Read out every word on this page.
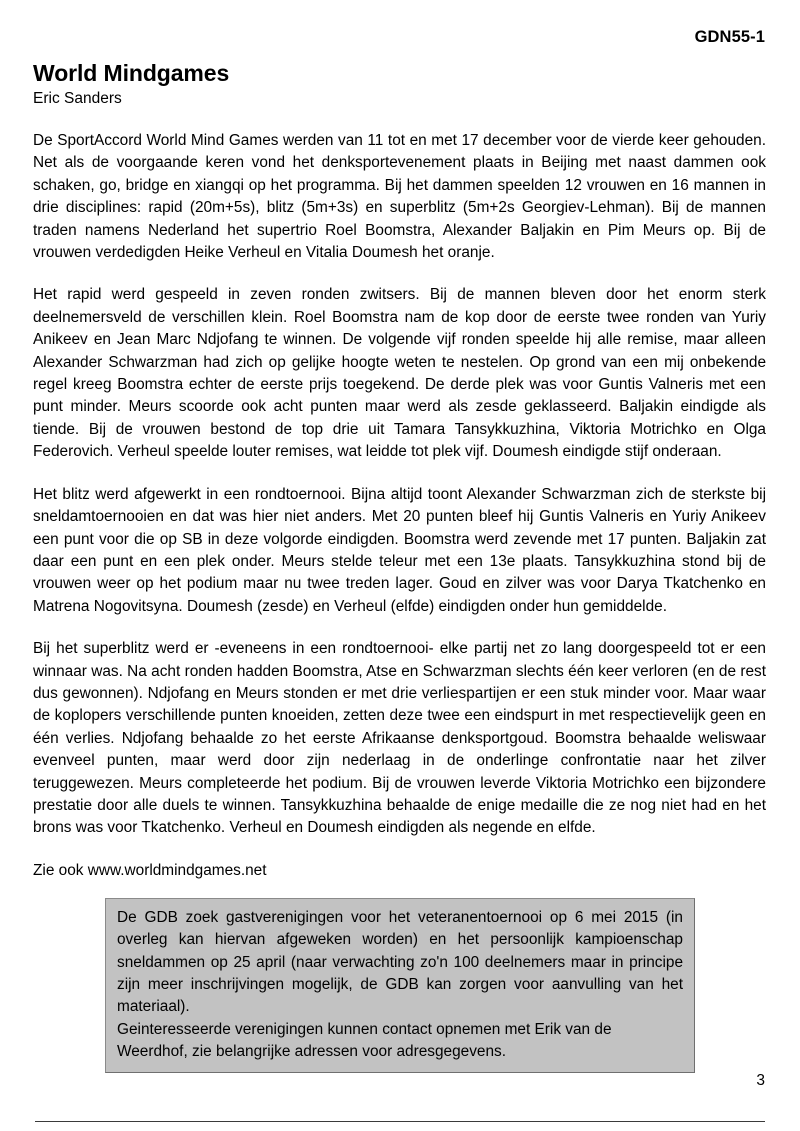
GDN55-1
World Mindgames

Eric Sanders

De SportAccord World Mind Games werden van 11 tot en met 17 december voor de vierde keer gehouden. Net als de voorgaande keren vond het denksportevenement plaats in Beijing met naast dammen ook schaken, go, bridge en xiangqi op het programma. Bij het dammen speelden 12 vrouwen en 16 mannen in drie disciplines: rapid (20m+5s), blitz (5m+3s) en superblitz (5m+2s Georgiev-Lehman). Bij de mannen traden namens Nederland het supertrio Roel Boomstra, Alexander Baljakin en Pim Meurs op. Bij de vrouwen verdedigden Heike Verheul en Vitalia Doumesh het oranje.

Het rapid werd gespeeld in zeven ronden zwitsers. Bij de mannen bleven door het enorm sterk deelnemersveld de verschillen klein. Roel Boomstra nam de kop door de eerste twee ronden van Yuriy Anikeev en Jean Marc Ndjofang te winnen. De volgende vijf ronden speelde hij alle remise, maar alleen Alexander Schwarzman had zich op gelijke hoogte weten te nestelen. Op grond van een mij onbekende regel kreeg Boomstra echter de eerste prijs toegekend. De derde plek was voor Guntis Valneris met een punt minder. Meurs scoorde ook acht punten maar werd als zesde geklasseerd. Baljakin eindigde als tiende. Bij de vrouwen bestond de top drie uit Tamara Tansykkuzhina, Viktoria Motrichko en Olga Federovich. Verheul speelde louter remises, wat leidde tot plek vijf. Doumesh eindigde stijf onderaan.

Het blitz werd afgewerkt in een rondtoernooi. Bijna altijd toont Alexander Schwarzman zich de sterkste bij sneldamtoernooien en dat was hier niet anders. Met 20 punten bleef hij Guntis Valneris en Yuriy Anikeev een punt voor die op SB in deze volgorde eindigden. Boomstra werd zevende met 17 punten. Baljakin zat daar een punt en een plek onder. Meurs stelde teleur met een 13e plaats. Tansykkuzhina stond bij de vrouwen weer op het podium maar nu twee treden lager. Goud en zilver was voor Darya Tkatchenko en Matrena Nogovitsyna. Doumesh (zesde) en Verheul (elfde) eindigden onder hun gemiddelde.

Bij het superblitz werd er -eveneens in een rondtoernooi- elke partij net zo lang doorgespeeld tot er een winnaar was. Na acht ronden hadden Boomstra, Atse en Schwarzman slechts één keer verloren (en de rest dus gewonnen). Ndjofang en Meurs stonden er met drie verliespartijen er een stuk minder voor. Maar waar de koplopers verschillende punten knoeiden, zetten deze twee een eindspurt in met respectievelijk geen en één verlies. Ndjofang behaalde zo het eerste Afrikaanse denksportgoud. Boomstra behaalde weliswaar evenveel punten, maar werd door zijn nederlaag in de onderlinge confrontatie naar het zilver teruggewezen. Meurs completeerde het podium. Bij de vrouwen leverde Viktoria Motrichko een bijzondere prestatie door alle duels te winnen. Tansykkuzhina behaalde de enige medaille die ze nog niet had en het brons was voor Tkatchenko. Verheul en Doumesh eindigden als negende en elfde.

Zie ook www.worldmindgames.net

De GDB zoek gastverenigingen voor het veteranentoernooi op 6 mei 2015 (in overleg kan hiervan afgeweken worden) en het persoonlijk kampioenschap sneldammen op 25 april (naar verwachting zo'n 100 deelnemers maar in principe zijn meer inschrijvingen mogelijk, de GDB kan zorgen voor aanvulling van het materiaal).

Geinteresseerde verenigingen kunnen contact opnemen met Erik van de Weerdhof, zie belangrijke adressen voor adresgegevens.

3
